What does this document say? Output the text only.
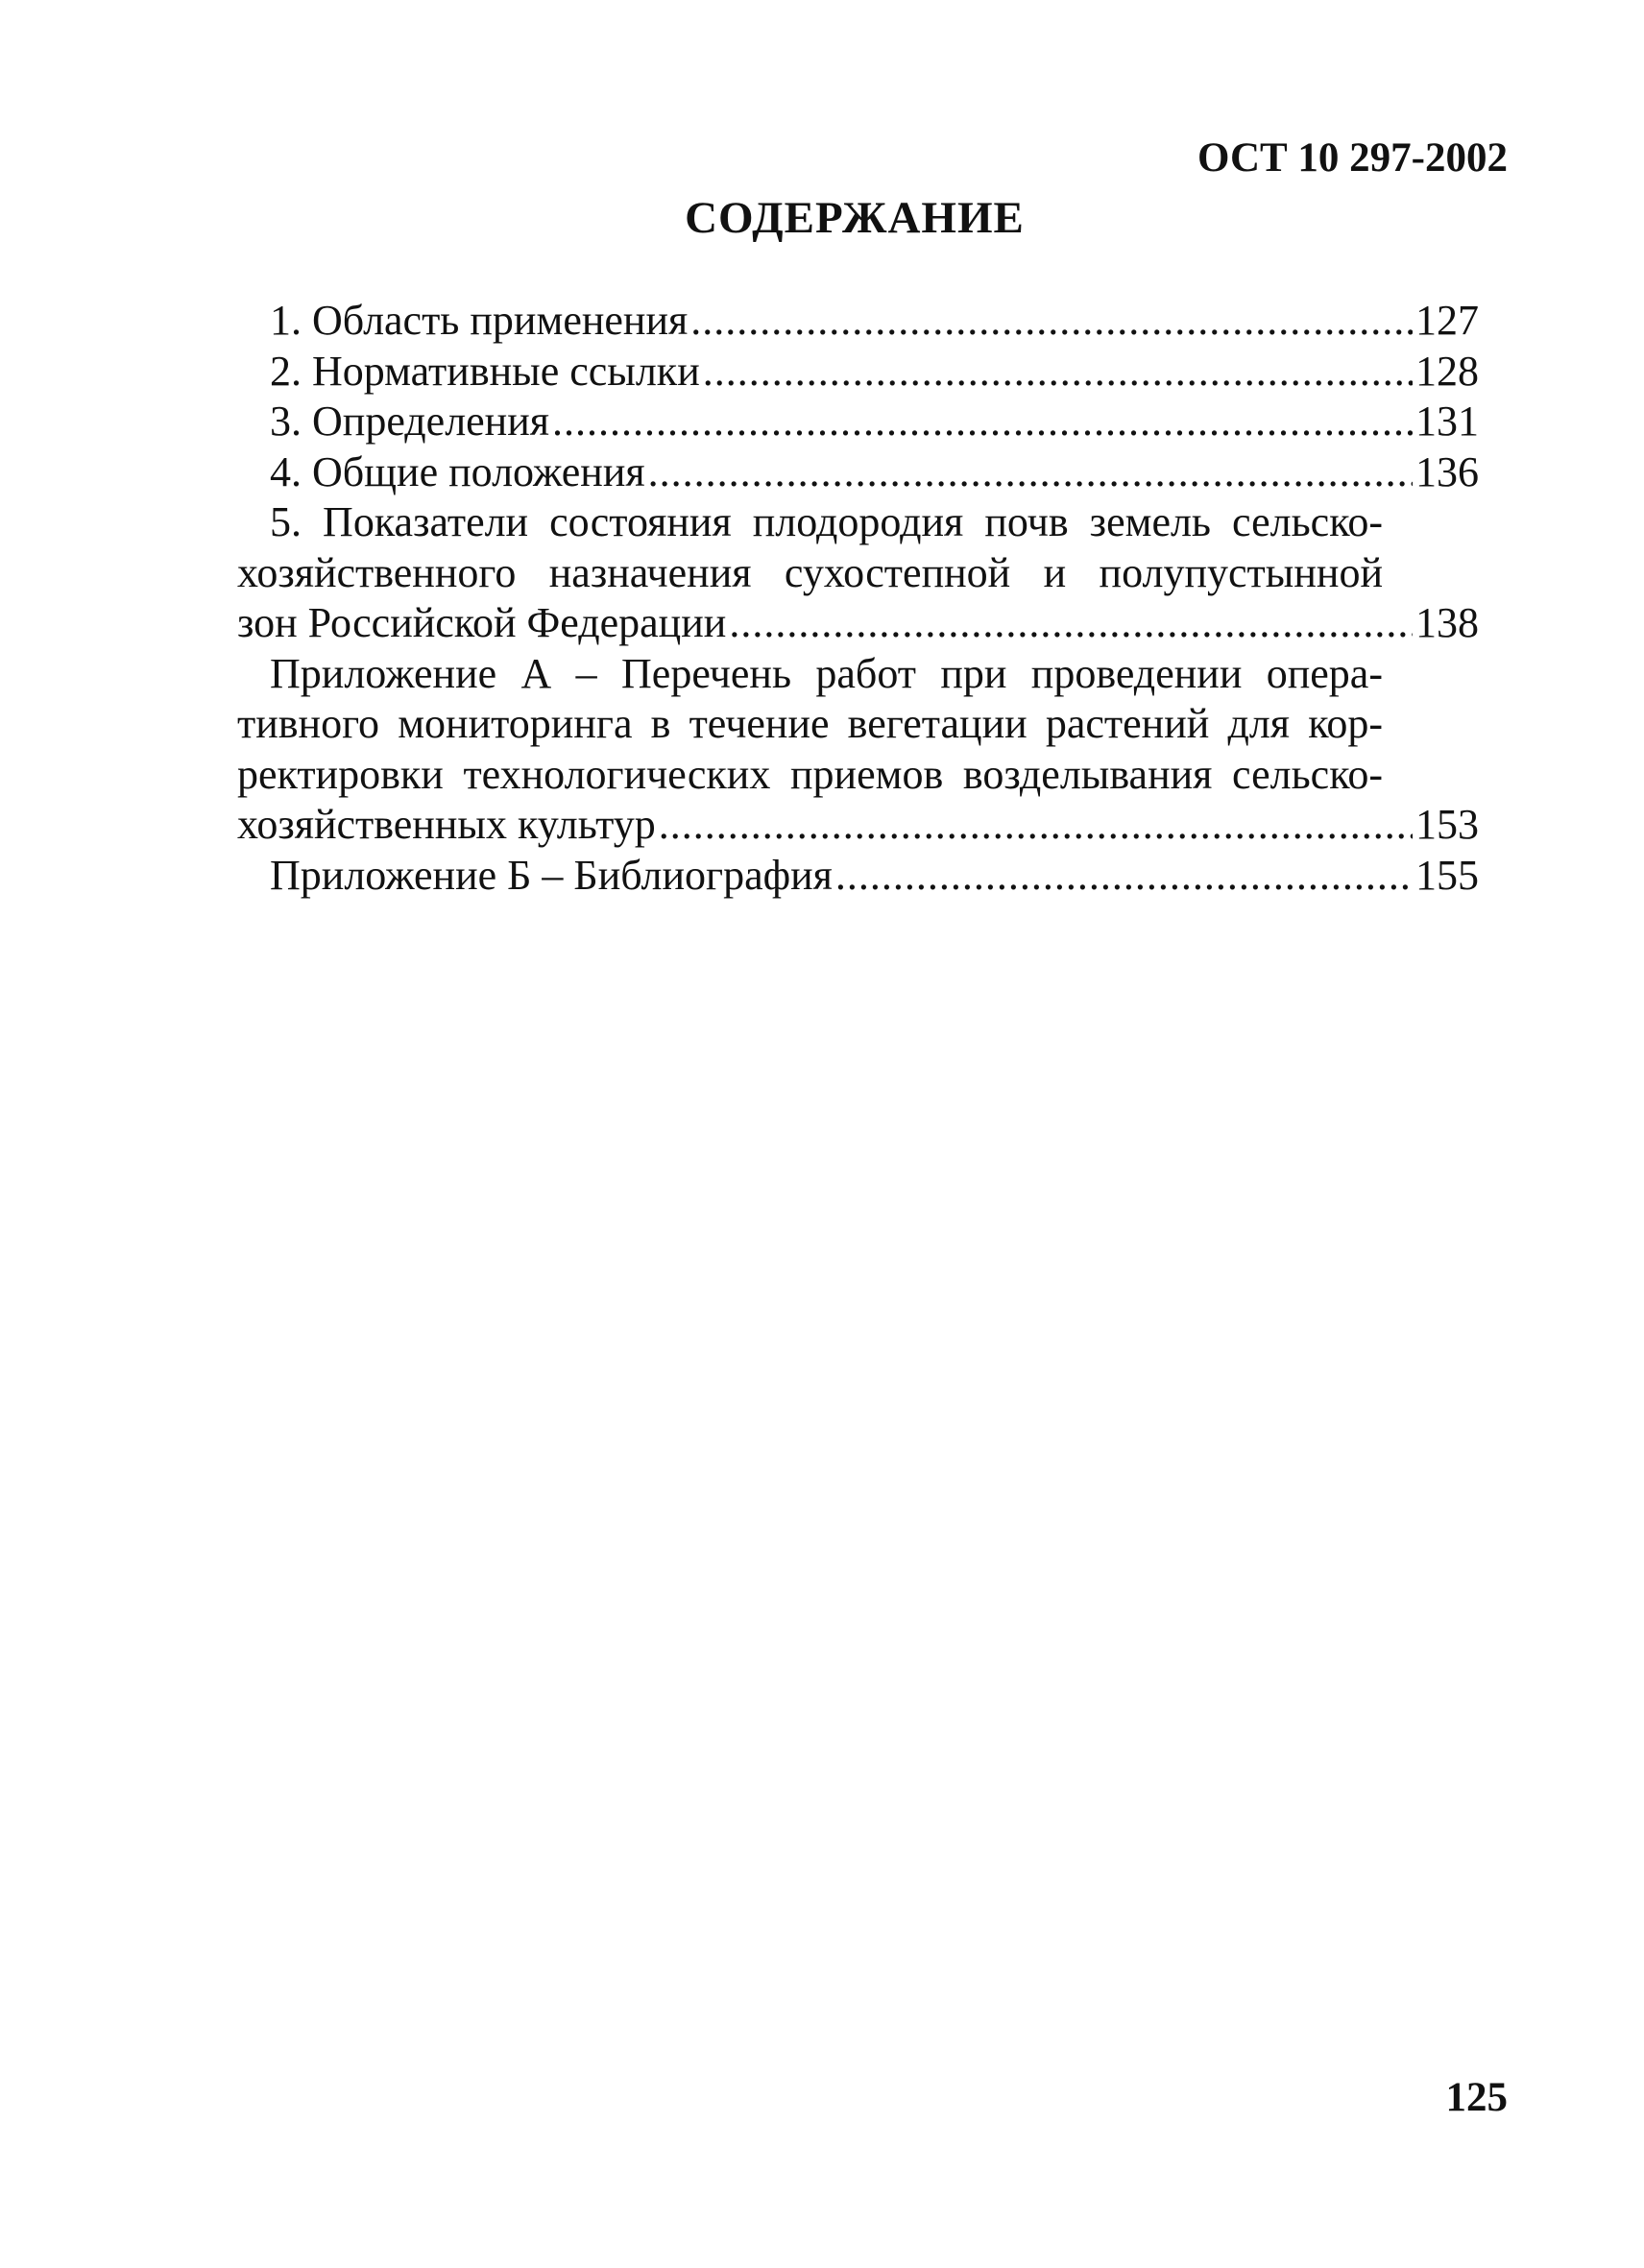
ОСТ 10 297-2002
СОДЕРЖАНИЕ
1. Область применения .....	127
2. Нормативные ссылки .....	128
3. Определения .....	131
4. Общие положения .....	136
5. Показатели состояния плодородия почв земель сельско-
хозяйственного назначения сухостепной и полупустынной
зон Российской Федерации .....	138
Приложение А – Перечень работ при проведении опера-
тивного мониторинга в течение вегетации растений для кор-
ректировки технологических приемов возделывания сельско-
хозяйственных культур .....	153
Приложение Б – Библиография .....	155
125
